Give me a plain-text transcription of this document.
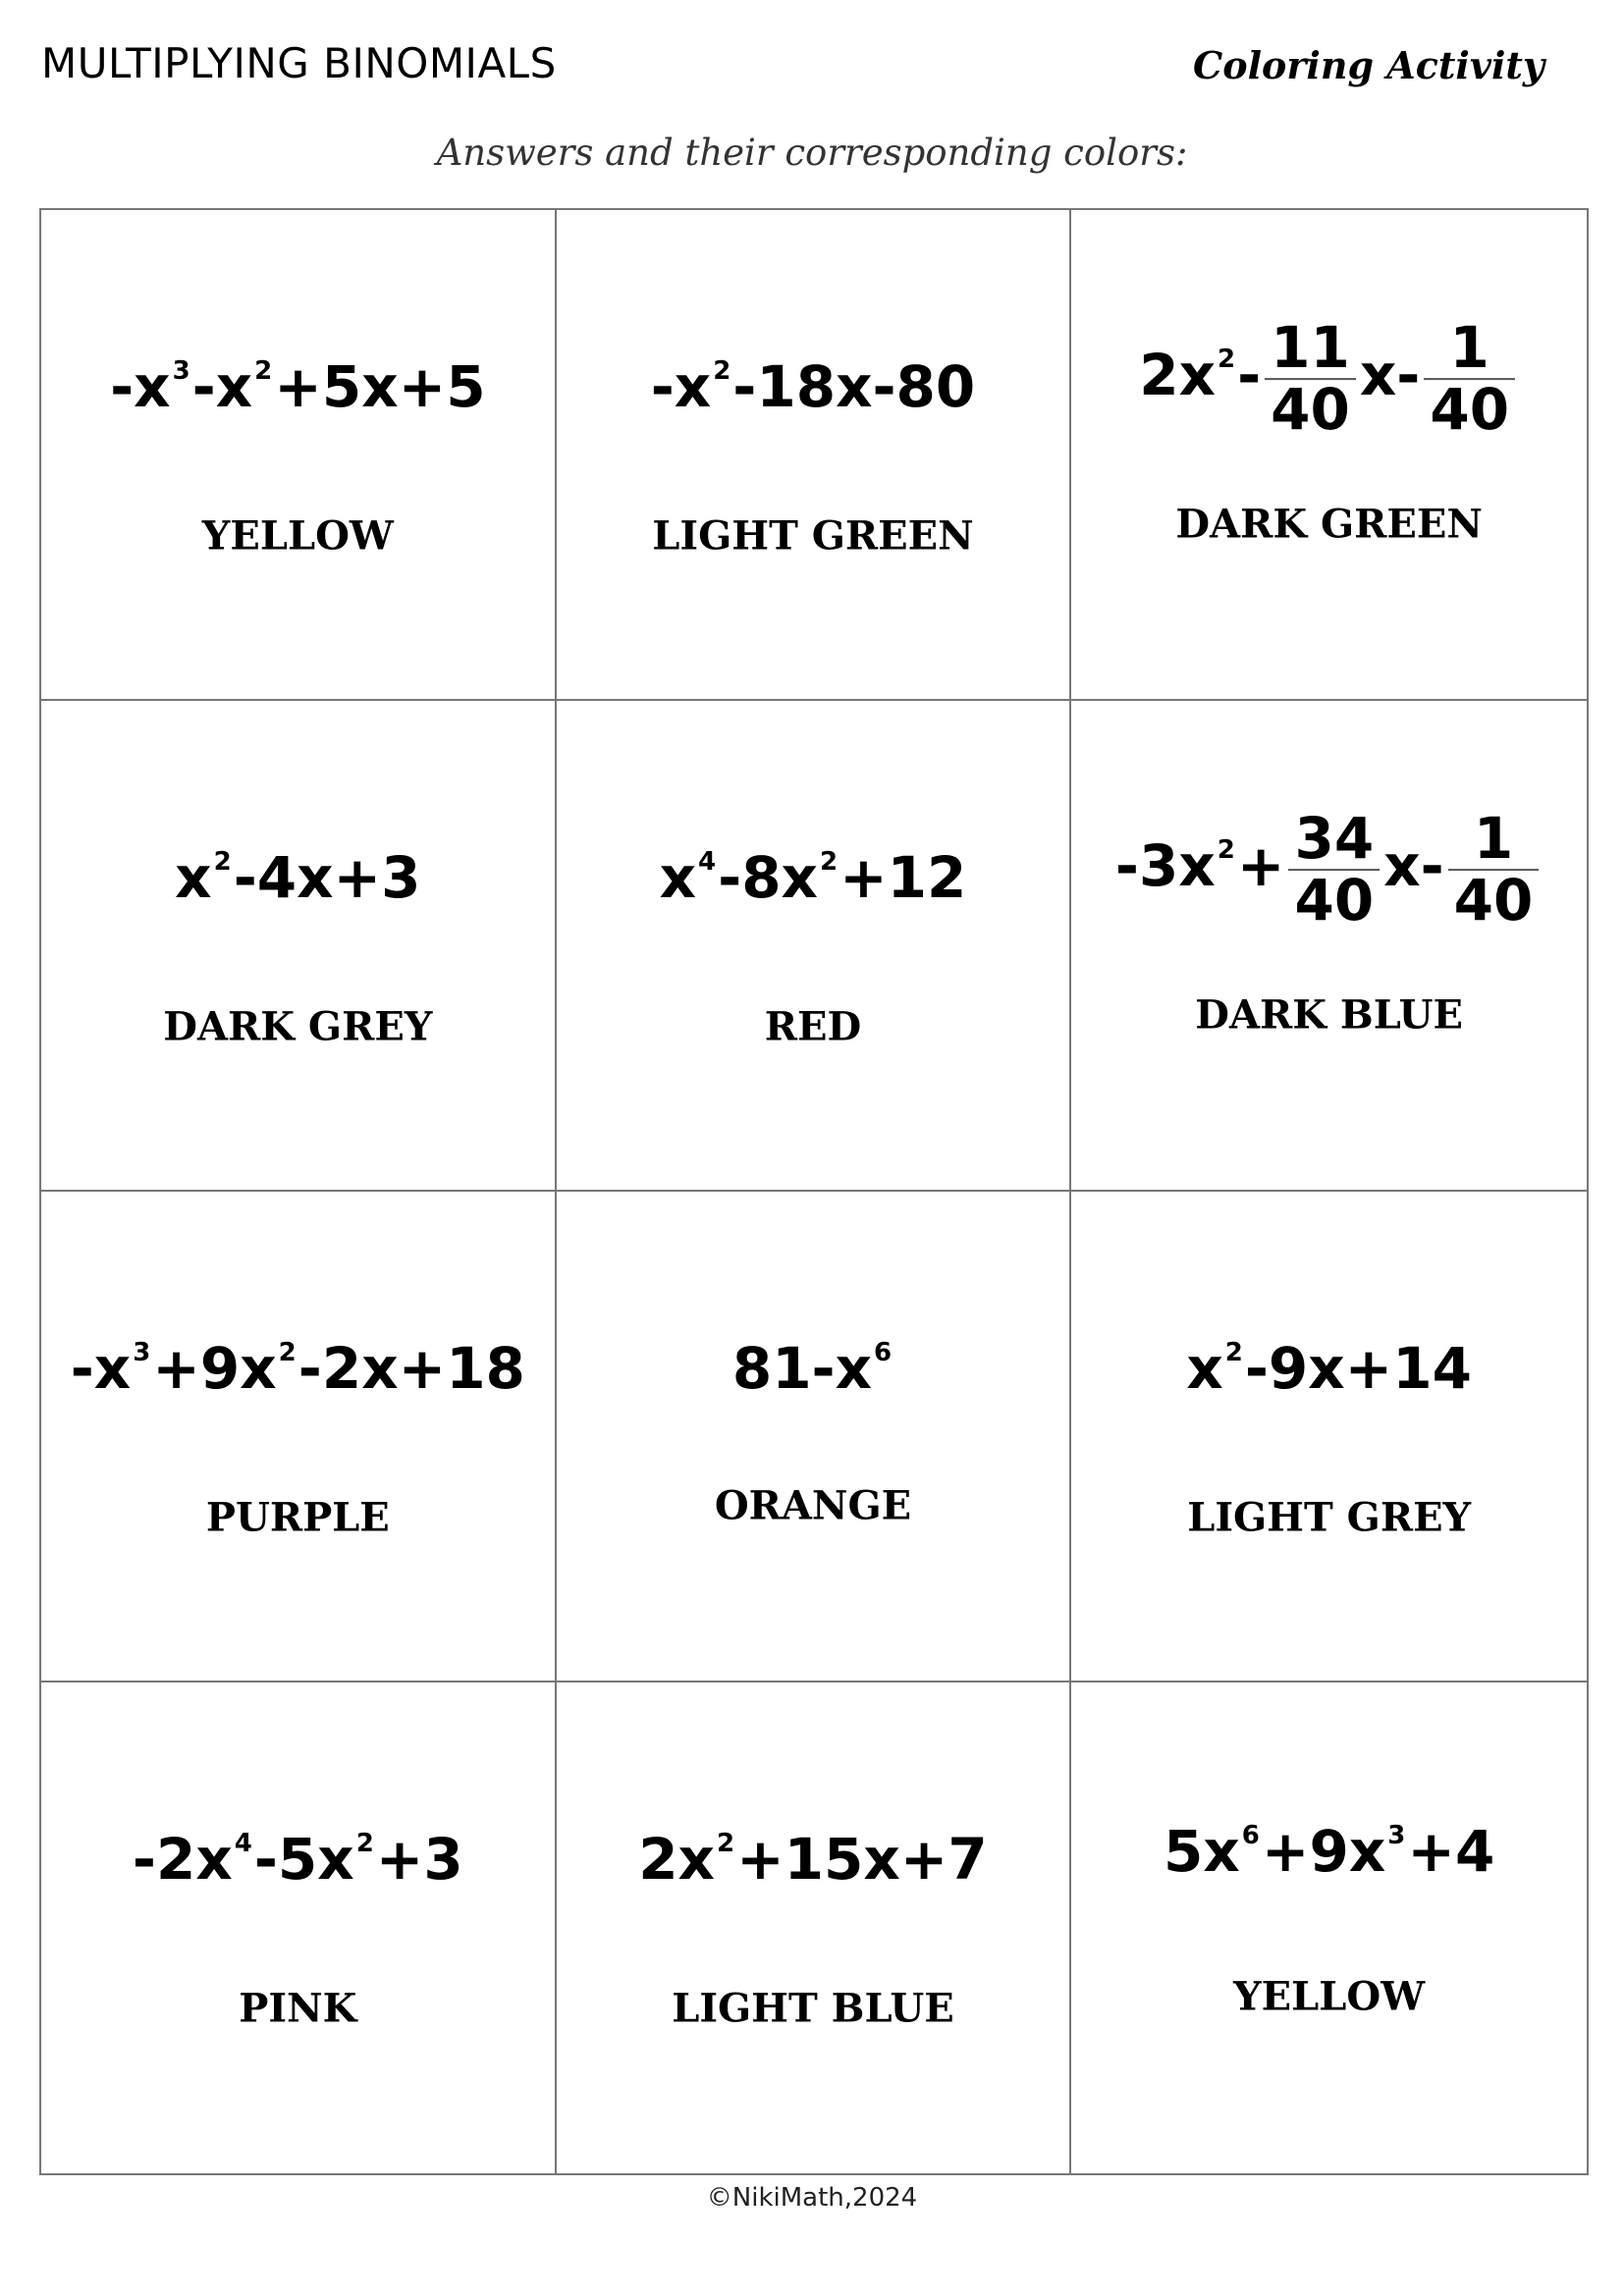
MULTIPLYING BINOMIALS	Coloring Activity
Answers and their corresponding colors:
$-x^3-x^2+5x+5$
YELLOW
$-x^2-18x-80$
LIGHT GREEN
$2x^2- \frac{11}{40} x- \frac{1}{40}$
DARK GREEN
$x^2-4x+3$
DARK GREY
$x^4-8x^2+12$
RED
$-3x^2+ \frac{34}{40} x- \frac{1}{40}$
DARK BLUE
$-x^3+9x^2-2x+18$
PURPLE
$81-x^6$
ORANGE
$x^2-9x+14$
LIGHT GREY
$-2x^4-5x^2+3$
PINK
$2x^2+15x+7$
LIGHT BLUE
$5x^6+9x^3+4$
YELLOW
©NikiMath,2024
